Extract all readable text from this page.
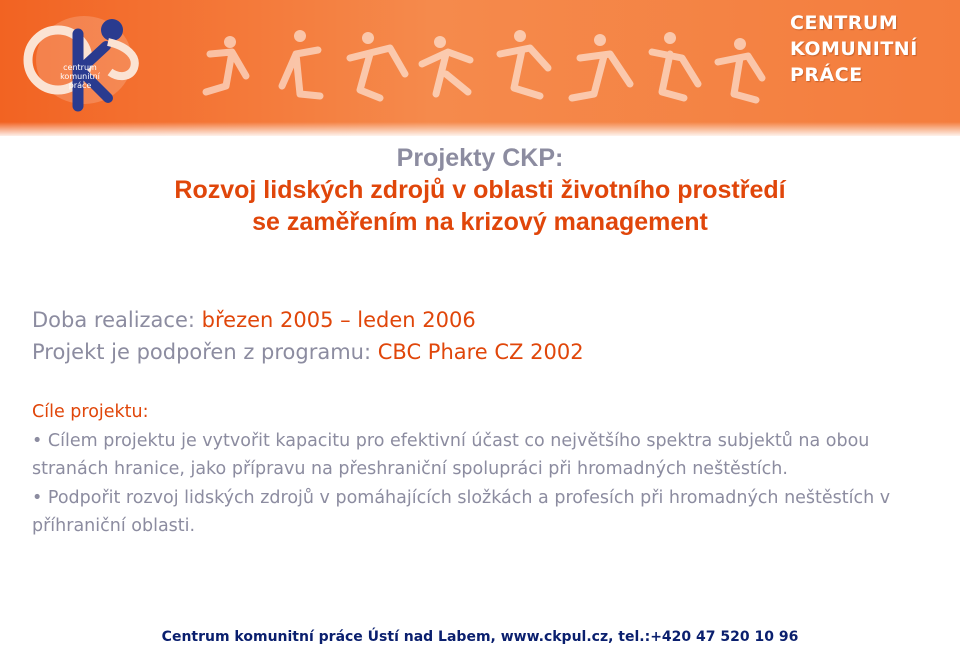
centrum
komunitní
práce
CENTRUM
KOMUNITNÍ
PRÁCE
Projekty CKP:
Rozvoj lidských zdrojů v oblasti životního prostředí
se zaměřením na krizový management
Doba realizace: březen 2005 – leden 2006
Projekt je podpořen z programu: CBC Phare CZ 2002

Cíle projektu:

• Cílem projektu je vytvořit kapacitu pro efektivní účast co největšího spektra subjektů na obou stranách hranice, jako přípravu na přeshraniční spolupráci při hromadných neštěstích.

• Podpořit rozvoj lidských zdrojů v pomáhajících složkách a profesích při hromadných neštěstích v příhraniční oblasti.

Centrum komunitní práce Ústí nad Labem, www.ckpul.cz, tel.:+420 47 520 10 96
